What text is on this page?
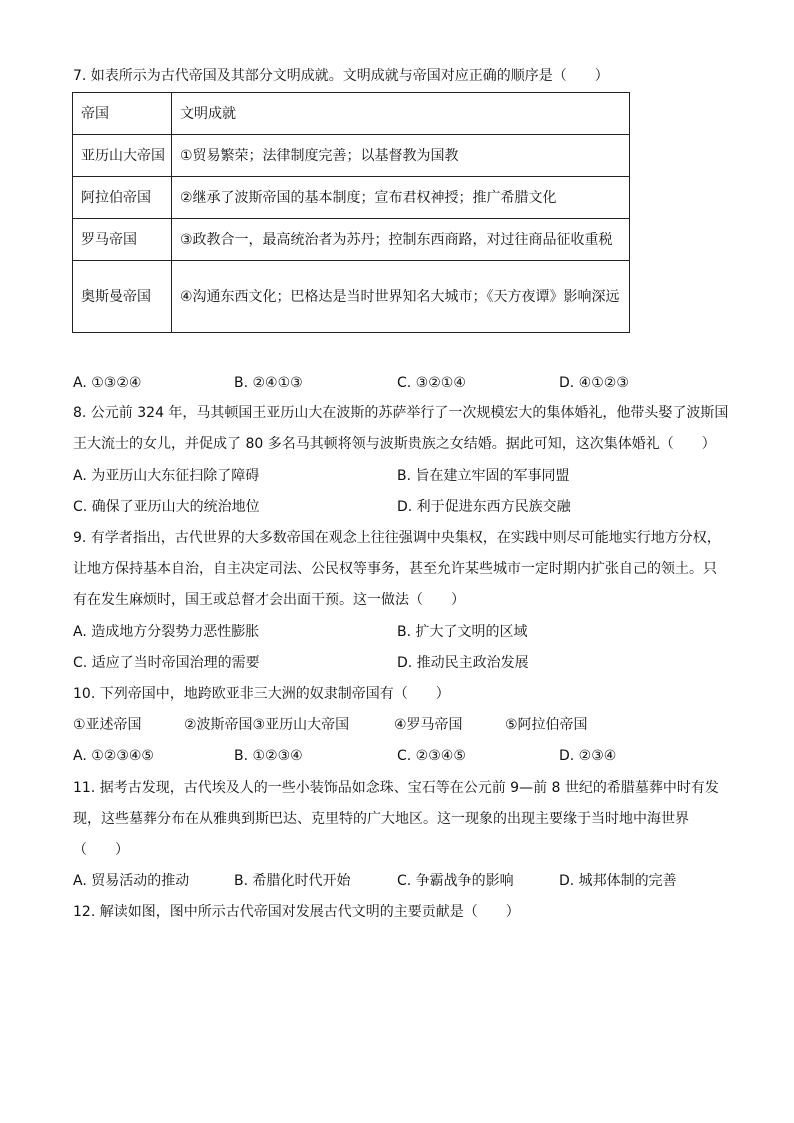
7. 如表所示为古代帝国及其部分文明成就。文明成就与帝国对应正确的顺序是（　　）
帝国	文明成就
亚历山大帝国	①贸易繁荣；法律制度完善；以基督教为国教
阿拉伯帝国	②继承了波斯帝国的基本制度；宣布君权神授；推广希腊文化
罗马帝国	③政教合一，最高统治者为苏丹；控制东西商路，对过往商品征收重税
奥斯曼帝国	④沟通东西文化；巴格达是当时世界知名大城市；《天方夜谭》影响深远
A. ①③②④	B. ②④①③	C. ③②①④	D. ④①②③
8. 公元前 324 年，马其顿国王亚历山大在波斯的苏萨举行了一次规模宏大的集体婚礼，他带头娶了波斯国
王大流士的女儿，并促成了 80 多名马其顿将领与波斯贵族之女结婚。据此可知，这次集体婚礼（　　）
A. 为亚历山大东征扫除了障碍	B. 旨在建立牢固的军事同盟
C. 确保了亚历山大的统治地位	D. 利于促进东西方民族交融
9. 有学者指出，古代世界的大多数帝国在观念上往往强调中央集权，在实践中则尽可能地实行地方分权，
让地方保持基本自治，自主决定司法、公民权等事务，甚至允许某些城市一定时期内扩张自己的领土。只
有在发生麻烦时，国王或总督才会出面干预。这一做法（　　）
A. 造成地方分裂势力恶性膨胀	B. 扩大了文明的区域
C. 适应了当时帝国治理的需要	D. 推动民主政治发展
10. 下列帝国中，地跨欧亚非三大洲的奴隶制帝国有（　　）
①亚述帝国	②波斯帝国③亚历山大帝国	④罗马帝国	⑤阿拉伯帝国
A. ①②③④⑤	B. ①②③④	C. ②③④⑤	D. ②③④
11. 据考古发现，古代埃及人的一些小装饰品如念珠、宝石等在公元前 9—前 8 世纪的希腊墓葬中时有发
现，这些墓葬分布在从雅典到斯巴达、克里特的广大地区。这一现象的出现主要缘于当时地中海世界
（　　）
A. 贸易活动的推动	B. 希腊化时代开始	C. 争霸战争的影响	D. 城邦体制的完善
12. 解读如图，图中所示古代帝国对发展古代文明的主要贡献是（　　）
